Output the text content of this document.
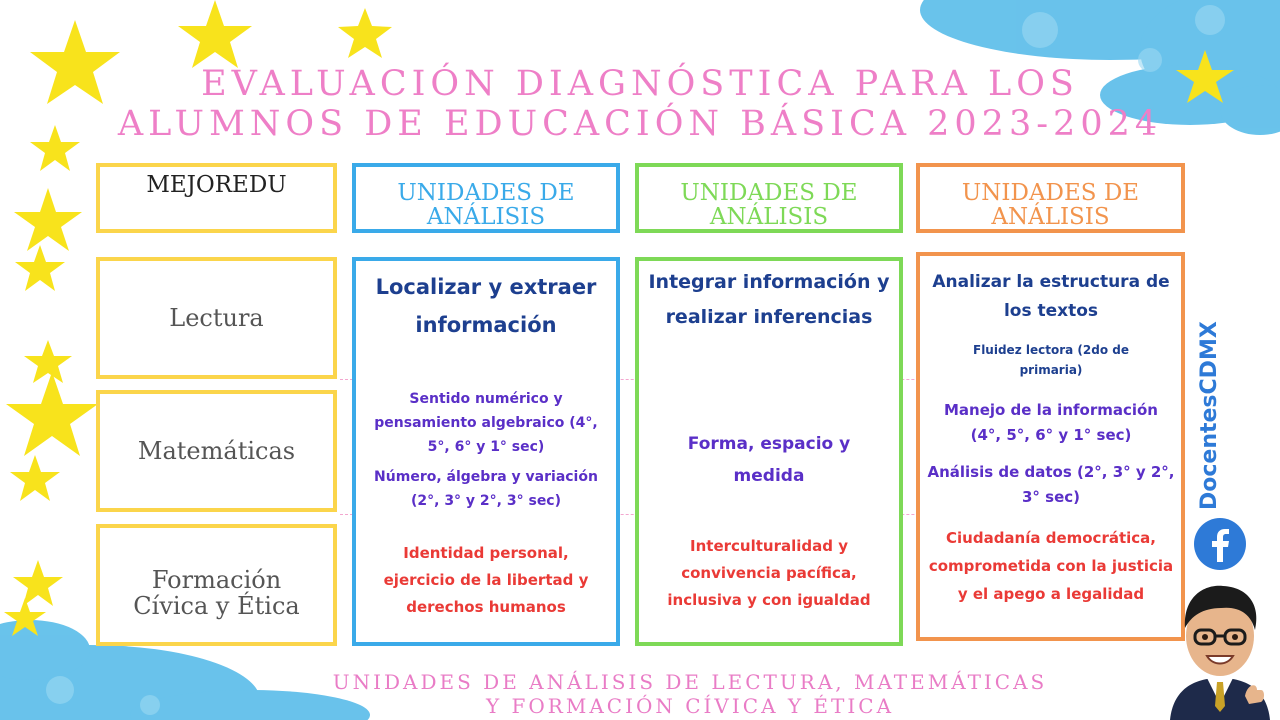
EVALUACIÓN DIAGNÓSTICA PARA LOS
ALUMNOS DE EDUCACIÓN BÁSICA 2023-2024
MEJOREDU	UNIDADES DE ANÁLISIS
UNIDADES DE ANÁLISIS
UNIDADES DE ANÁLISIS
Lectura
Matemáticas
Formación Cívica y Ética
Localizar y extraer información
Sentido numérico y pensamiento algebraico (4°, 5°, 6° y 1° sec)
Número, álgebra y variación (2°, 3° y 2°, 3° sec)
Identidad personal, ejercicio de la libertad y derechos humanos
Integrar información y realizar inferencias
Forma, espacio y medida
Interculturalidad y convivencia pacífica, inclusiva y con igualdad
Analizar la estructura de los textos
Fluidez lectora (2do de primaria)
Manejo de la información (4°, 5°, 6° y 1° sec)
Análisis de datos (2°, 3° y 2°, 3° sec)
Ciudadanía democrática, comprometida con la justicia y el apego a legalidad
DocentesCDMX
UNIDADES DE ANÁLISIS DE LECTURA, MATEMÁTICAS
Y FORMACIÓN CÍVICA Y ÉTICA
